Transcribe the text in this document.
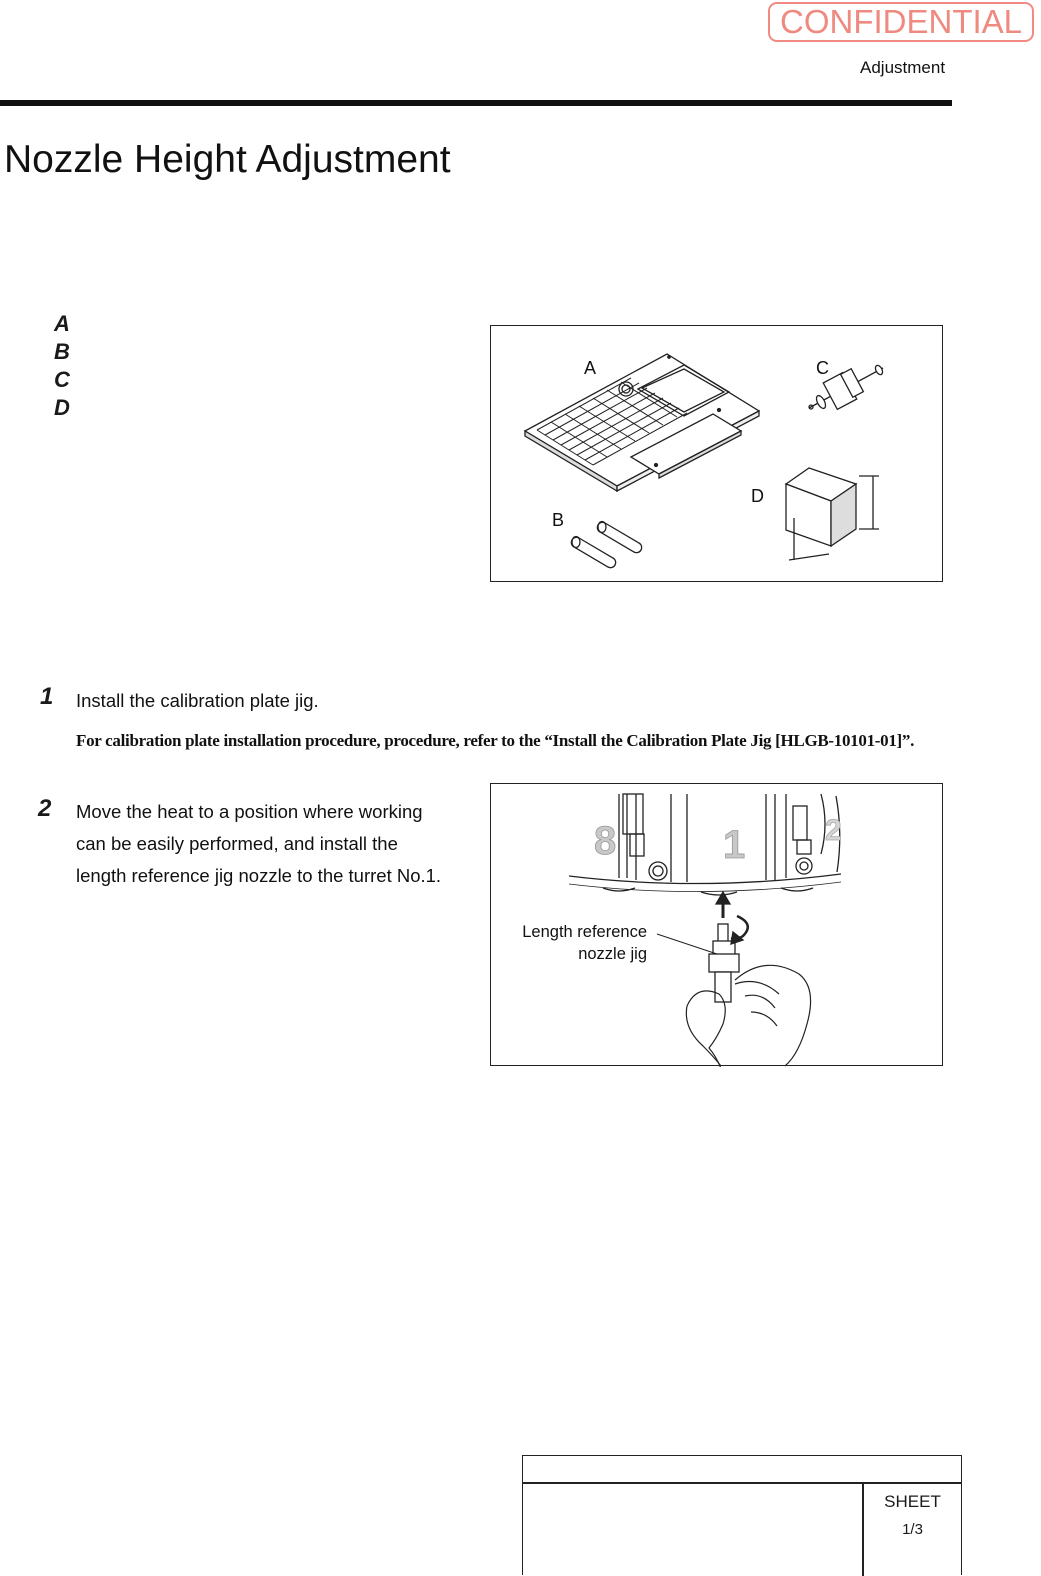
CONFIDENTIAL
Adjustment
Nozzle Height Adjustment
A
B
C
D
A
B
C
D
1 Install the calibration plate jig.
For calibration plate installation procedure, procedure, refer to the “Install the Calibration Plate Jig [HLGB-10101-01]”.
2 Move the heat to a position where working
can be easily performed, and install the
length reference jig nozzle to the turret No.1.
8	1	2
Length reference
nozzle jig
SHEET
1/3
